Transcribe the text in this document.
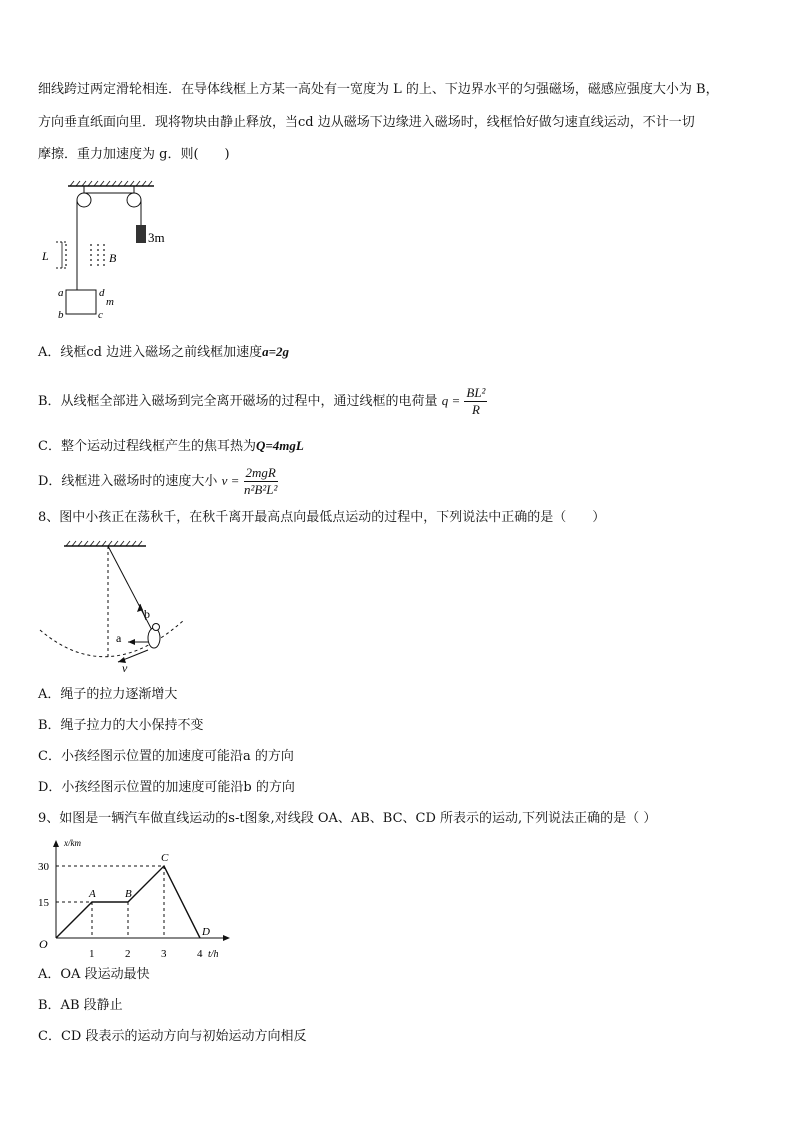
细线跨过两定滑轮相连．在导体线框上方某一高处有一宽度为 L 的上、下边界水平的匀强磁场，磁感应强度大小为 B，
方向垂直纸面向里．现将物块由静止释放，当cd 边从磁场下边缘进入磁场时，线框恰好做匀速直线运动，不计一切
摩擦．重力加速度为 g．则(　　)
3m
L	B
a	d
m
b	c
A．线框cd 边进入磁场之前线框加速度a=2g
B．从线框全部进入磁场到完全离开磁场的过程中，通过线框的电荷量 $q = \frac{\text{BL²}}{R}$
C．整个运动过程线框产生的焦耳热为Q=4mgL
D．线框进入磁场时的速度大小 $v = \frac{\text{2mgR}}{\text{n²B²L²}}$
8、图中小孩正在荡秋千，在秋千离开最高点向最低点运动的过程中，下列说法中正确的是（　　）
b
a
v
A．绳子的拉力逐渐增大
B．绳子拉力的大小保持不变
C．小孩经图示位置的加速度可能沿a 的方向
D．小孩经图示位置的加速度可能沿b 的方向
9、如图是一辆汽车做直线运动的s-t图象,对线段 OA、AB、BC、CD 所表示的运动,下列说法正确的是（ ）
x/km
t/h
O
15
30
1	2	3	4
A	B
C
D
A．OA 段运动最快
B．AB 段静止
C．CD 段表示的运动方向与初始运动方向相反
